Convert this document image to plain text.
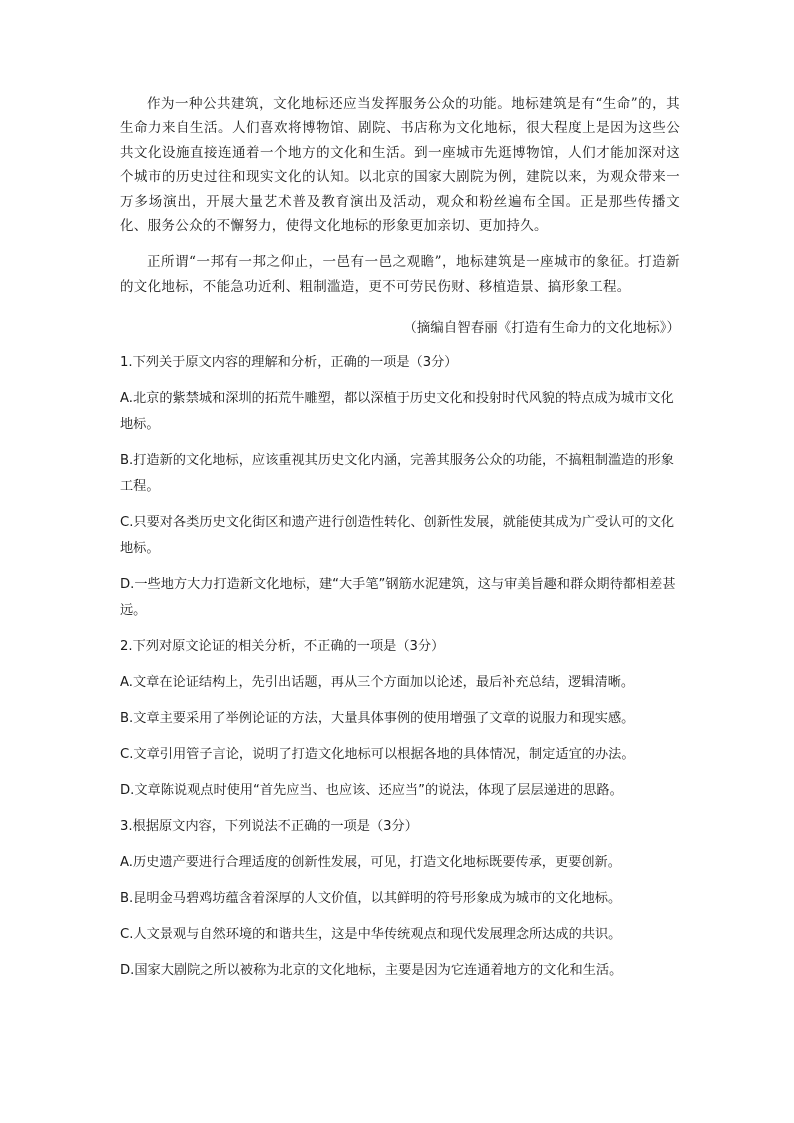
作为一种公共建筑，文化地标还应当发挥服务公众的功能。地标建筑是有“生命”的，其生命力来自生活。人们喜欢将博物馆、剧院、书店称为文化地标，很大程度上是因为这些公共文化设施直接连通着一个地方的文化和生活。到一座城市先逛博物馆，人们才能加深对这个城市的历史过往和现实文化的认知。以北京的国家大剧院为例，建院以来，为观众带来一万多场演出，开展大量艺术普及教育演出及活动，观众和粉丝遍布全国。正是那些传播文化、服务公众的不懈努力，使得文化地标的形象更加亲切、更加持久。

正所谓“一邦有一邦之仰止，一邑有一邑之观瞻”，地标建筑是一座城市的象征。打造新的文化地标，不能急功近利、粗制滥造，更不可劳民伤财、移植造景、搞形象工程。

（摘编自智春丽《打造有生命力的文化地标》）

1.下列关于原文内容的理解和分析，正确的一项是（3分）

A.北京的紫禁城和深圳的拓荒牛雕塑，都以深植于历史文化和投射时代风貌的特点成为城市文化地标。

B.打造新的文化地标，应该重视其历史文化内涵，完善其服务公众的功能，不搞粗制滥造的形象工程。

C.只要对各类历史文化街区和遗产进行创造性转化、创新性发展，就能使其成为广受认可的文化地标。

D.一些地方大力打造新文化地标，建“大手笔”钢筋水泥建筑，这与审美旨趣和群众期待都相差甚远。

2.下列对原文论证的相关分析，不正确的一项是（3分）

A.文章在论证结构上，先引出话题，再从三个方面加以论述，最后补充总结，逻辑清晰。

B.文章主要采用了举例论证的方法，大量具体事例的使用增强了文章的说服力和现实感。

C.文章引用管子言论，说明了打造文化地标可以根据各地的具体情况，制定适宜的办法。

D.文章陈说观点时使用“首先应当、也应该、还应当”的说法，体现了层层递进的思路。

3.根据原文内容，下列说法不正确的一项是（3分）

A.历史遗产要进行合理适度的创新性发展，可见，打造文化地标既要传承，更要创新。

B.昆明金马碧鸡坊蕴含着深厚的人文价值，以其鲜明的符号形象成为城市的文化地标。

C.人文景观与自然环境的和谐共生，这是中华传统观点和现代发展理念所达成的共识。

D.国家大剧院之所以被称为北京的文化地标，主要是因为它连通着地方的文化和生活。
